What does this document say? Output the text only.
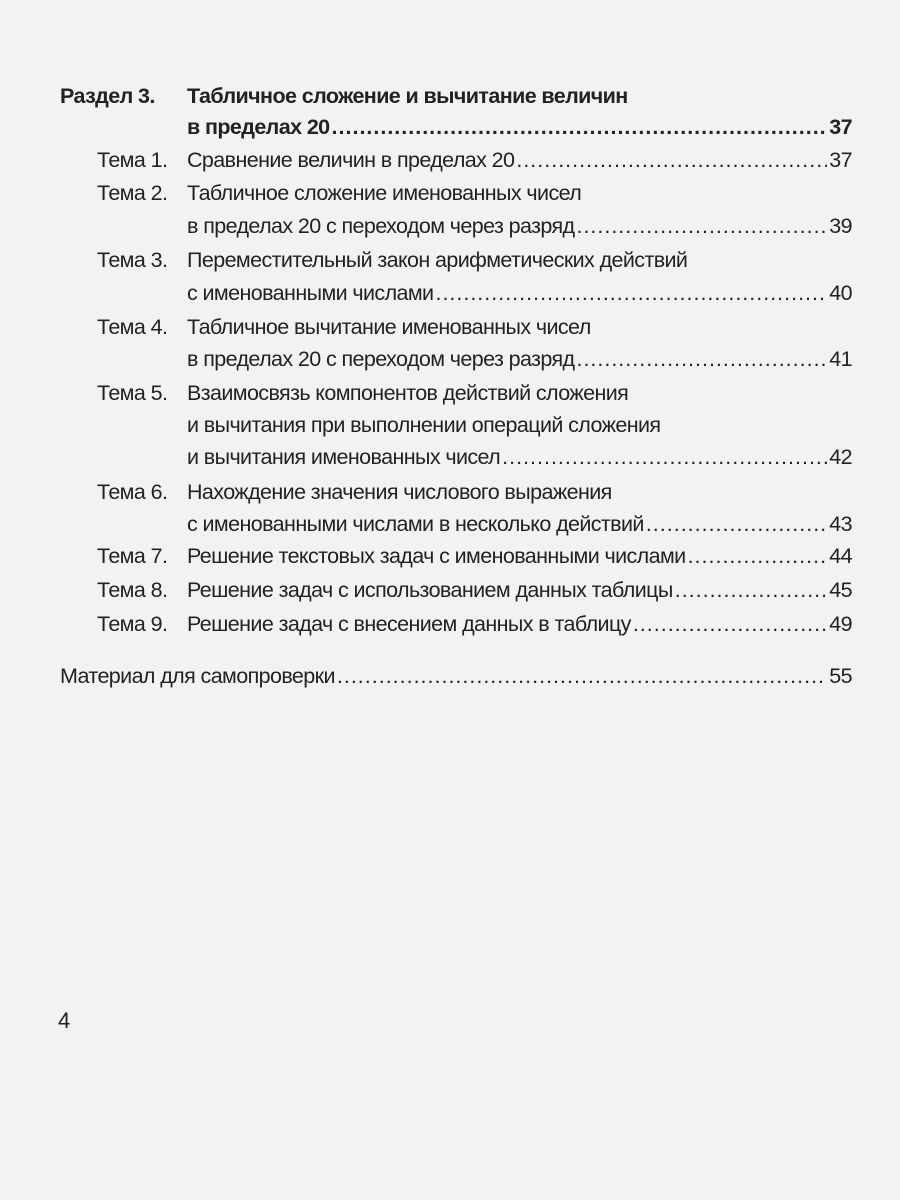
Раздел 3. Табличное сложение и вычитание величин
в пределах 20 .....	37
Тема 1. Сравнение величин в пределах 20 .....	37
Тема 2. Табличное сложение именованных чисел
в пределах 20 с переходом через разряд .....	39
Тема 3. Переместительный закон арифметических действий
с именованными числами .....	40
Тема 4. Табличное вычитание именованных чисел
в пределах 20 с переходом через разряд .....	41
Тема 5. Взаимосвязь компонентов действий сложения
и вычитания при выполнении операций сложения
и вычитания именованных чисел .....	42
Тема 6. Нахождение значения числового выражения
с именованными числами в несколько действий .....	43
Тема 7. Решение текстовых задач с именованными числами .....	44
Тема 8. Решение задач с использованием данных таблицы .....	45
Тема 9. Решение задач с внесением данных в таблицу .....	49
Материал для самопроверки .....	55
4
